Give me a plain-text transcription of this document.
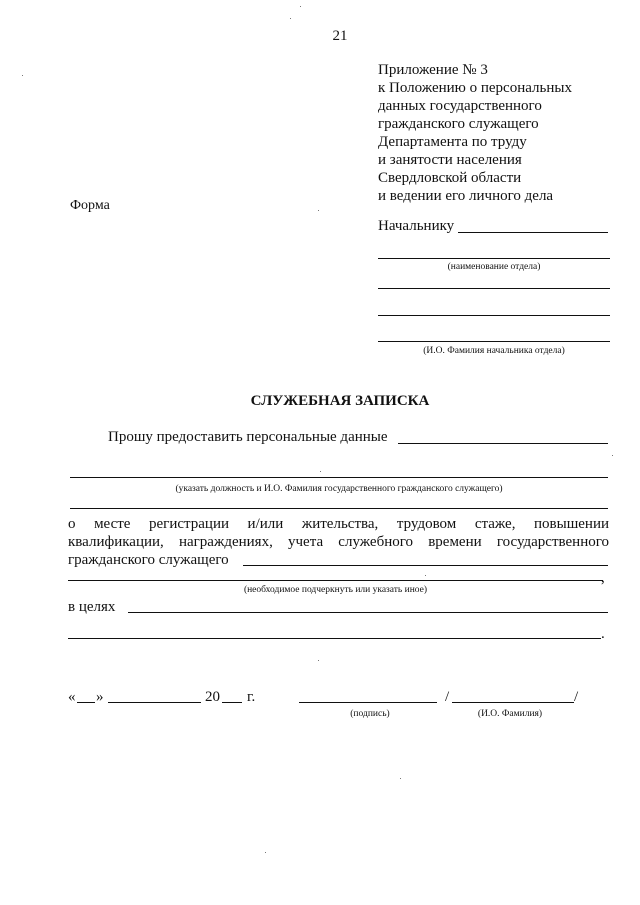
21
Приложение № 3
к Положению о персональных
данных государственного
гражданского служащего
Департамента по труду
и занятости населения
Свердловской области
и ведении его личного дела
Форма
Начальнику
(наименование отдела)
(И.О. Фамилия начальника отдела)
СЛУЖЕБНАЯ ЗАПИСКА
Прошу предоставить персональные данные
(указать должность и И.О. Фамилия государственного гражданского служащего)
о месте регистрации и/или жительства, трудовом стаже, повышении
квалификации, награждениях, учета служебного времени государственного
гражданского служащего
,
(необходимое подчеркнуть или указать иное)
в целях
.
« »	20 г.	/	/
(подпись)	(И.О. Фамилия)
